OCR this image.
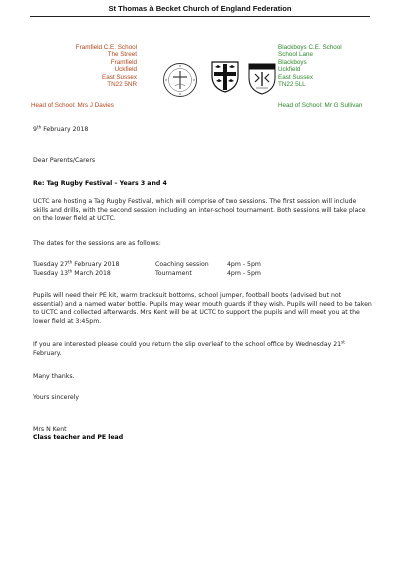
St Thomas à Becket Church of England Federation
Framfield C.E. School
The Street
Framfield
Uckfield
East Sussex
TN22 5NR
Head of School: Mrs J Davies
Blackboys C.E. School
School Lane
Blackboys
Uckfield
East Sussex
TN22 5LL
Head of School: Mr G Sullivan
9th February 2018
Dear Parents/Carers
Re: Tag Rugby Festival – Years 3 and 4

UCTC are hosting a Tag Rugby Festival, which will comprise of two sessions. The first session will include skills and drills, with the second session including an inter-school tournament. Both sessions will take place on the lower field at UCTC.

The dates for the sessions are as follows:
Tuesday 27th February 2018	Coaching session	4pm - 5pm
Tuesday 13th March 2018	Tournament	4pm - 5pm

Pupils will need their PE kit, warm tracksuit bottoms, school jumper, football boots (advised but not essential) and a named water bottle. Pupils may wear mouth guards if they wish. Pupils will need to be taken to UCTC and collected afterwards. Mrs Kent will be at UCTC to support the pupils and will meet you at the lower field at 3:45pm.

If you are interested please could you return the slip overleaf to the school office by Wednesday 21st February.

Many thanks.
Yours sincerely
Mrs N Kent
Class teacher and PE lead
